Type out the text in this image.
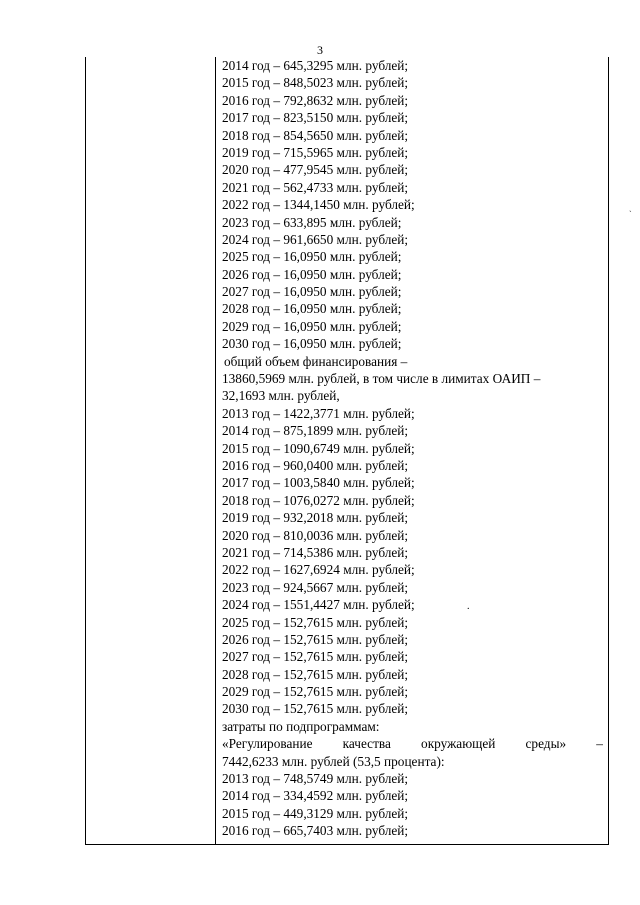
3
2014 год – 645,3295 млн. рублей;
2015 год – 848,5023 млн. рублей;
2016 год – 792,8632 млн. рублей;
2017 год – 823,5150 млн. рублей;
2018 год – 854,5650 млн. рублей;
2019 год – 715,5965 млн. рублей;
2020 год – 477,9545 млн. рублей;
2021 год – 562,4733 млн. рублей;
2022 год – 1344,1450 млн. рублей;
2023 год – 633,895 млн. рублей;
2024 год – 961,6650 млн. рублей;
2025 год – 16,0950 млн. рублей;
2026 год – 16,0950 млн. рублей;
2027 год – 16,0950 млн. рублей;
2028 год – 16,0950 млн. рублей;
2029 год – 16,0950 млн. рублей;
2030 год – 16,0950 млн. рублей;
общий объем финансирования –
13860,5969 млн. рублей, в том числе в лимитах ОАИП –
32,1693 млн. рублей,
2013 год – 1422,3771 млн. рублей;
2014 год – 875,1899 млн. рублей;
2015 год – 1090,6749 млн. рублей;
2016 год – 960,0400 млн. рублей;
2017 год – 1003,5840 млн. рублей;
2018 год – 1076,0272 млн. рублей;
2019 год – 932,2018 млн. рублей;
2020 год – 810,0036 млн. рублей;
2021 год – 714,5386 млн. рублей;
2022 год – 1627,6924 млн. рублей;
2023 год – 924,5667 млн. рублей;
2024 год – 1551,4427 млн. рублей;
2025 год – 152,7615 млн. рублей;
2026 год – 152,7615 млн. рублей;
2027 год – 152,7615 млн. рублей;
2028 год – 152,7615 млн. рублей;
2029 год – 152,7615 млн. рублей;
2030 год – 152,7615 млн. рублей;
затраты по подпрограммам:
«Регулирование качества окружающей среды» –
7442,6233 млн. рублей (53,5 процента):
2013 год – 748,5749 млн. рублей;
2014 год – 334,4592 млн. рублей;
2015 год – 449,3129 млн. рублей;
2016 год – 665,7403 млн. рублей;
.
ˎ
